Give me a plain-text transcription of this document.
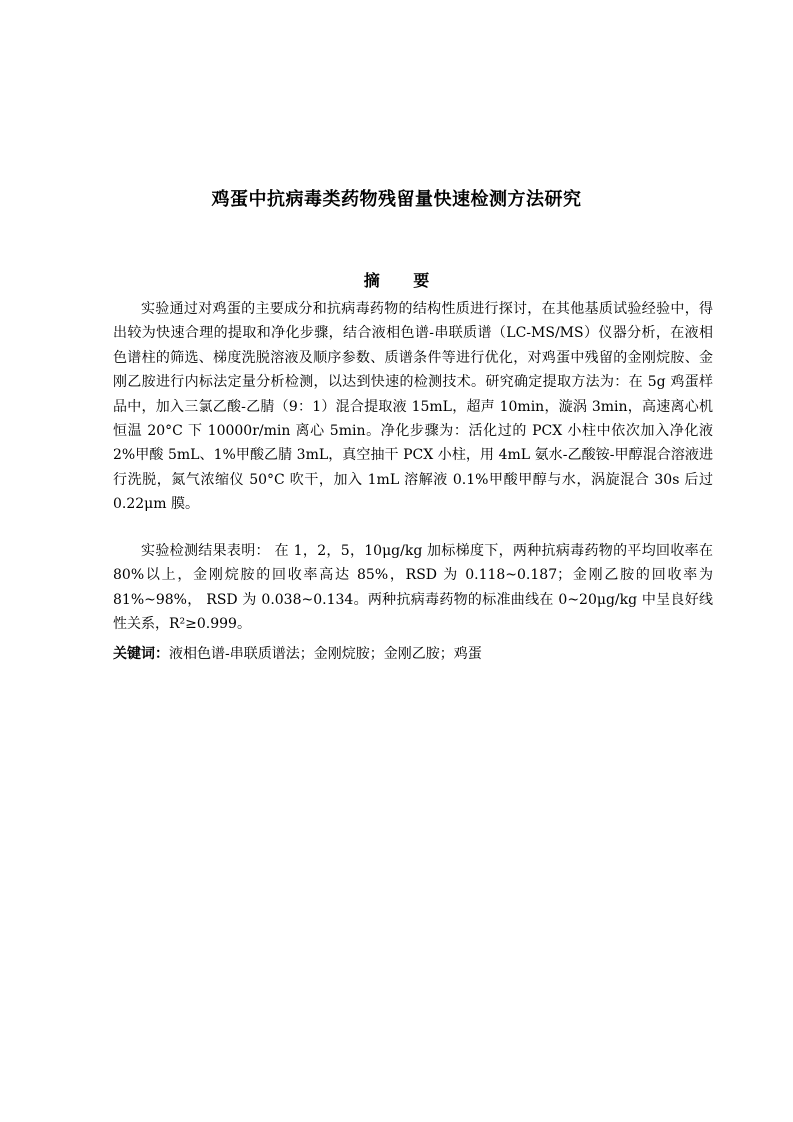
鸡蛋中抗病毒类药物残留量快速检测方法研究
摘 要

实验通过对鸡蛋的主要成分和抗病毒药物的结构性质进行探讨，在其他基质试验经验中，得出较为快速合理的提取和净化步骤，结合液相色谱-串联质谱（LC-MS/MS）仪器分析，在液相色谱柱的筛选、梯度洗脱溶液及顺序参数、质谱条件等进行优化，对鸡蛋中残留的金刚烷胺、金刚乙胺进行内标法定量分析检测，以达到快速的检测技术。研究确定提取方法为：在 5g 鸡蛋样品中，加入三氯乙酸-乙腈（9：1）混合提取液 15mL，超声 10min，漩涡 3min，高速离心机恒温 20°C 下 10000r/min 离心 5min。净化步骤为：活化过的 PCX 小柱中依次加入净化液 2%甲酸 5mL、1%甲酸乙腈 3mL，真空抽干 PCX 小柱，用 4mL 氨水-乙酸铵-甲醇混合溶液进行洗脱，氮气浓缩仪 50°C 吹干，加入 1mL 溶解液 0.1%甲酸甲醇与水，涡旋混合 30s 后过 0.22μm 膜。

实验检测结果表明： 在 1，2，5，10μg/kg 加标梯度下，两种抗病毒药物的平均回收率在 80%以上，金刚烷胺的回收率高达 85%，RSD 为 0.118~0.187；金刚乙胺的回收率为 81%~98%， RSD 为 0.038~0.134。两种抗病毒药物的标准曲线在 0~20μg/kg 中呈良好线性关系，R²≥0.999。

关键词：液相色谱-串联质谱法；金刚烷胺；金刚乙胺；鸡蛋
